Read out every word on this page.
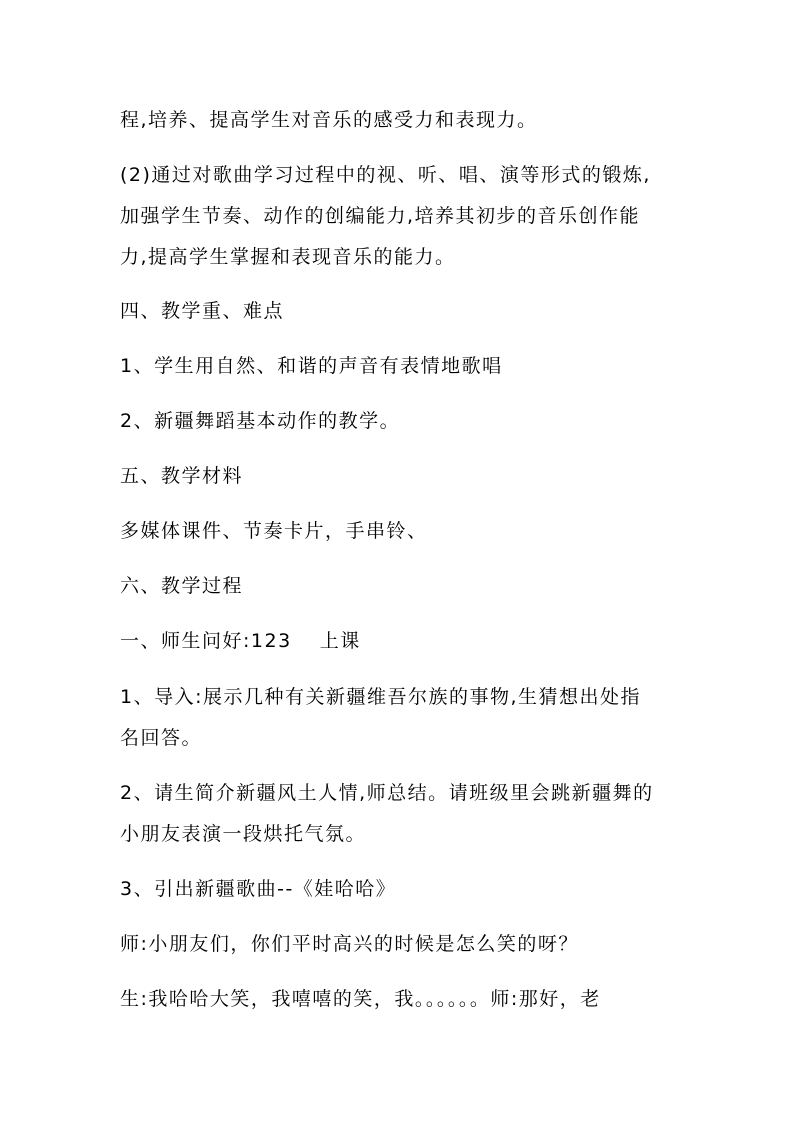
程,培养、提高学生对音乐的感受力和表现力。
(2)通过对歌曲学习过程中的视、听、唱、演等形式的锻炼,
加强学生节奏、动作的创编能力,培养其初步的音乐创作能
力,提高学生掌握和表现音乐的能力。
四、教学重、难点
1、学生用自然、和谐的声音有表情地歌唱
2、新疆舞蹈基本动作的教学。
五、教学材料
多媒体课件、节奏卡片，手串铃、
六、教学过程
一、师生问好:123　 上课
1、导入:展示几种有关新疆维吾尔族的事物,生猜想出处指
名回答。
2、请生简介新疆风土人情,师总结。请班级里会跳新疆舞的
小朋友表演一段烘托气氛。
3、引出新疆歌曲--《娃哈哈》
师:小朋友们，你们平时高兴的时候是怎么笑的呀？
生:我哈哈大笑，我嘻嘻的笑，我。。。。。。师:那好，老
